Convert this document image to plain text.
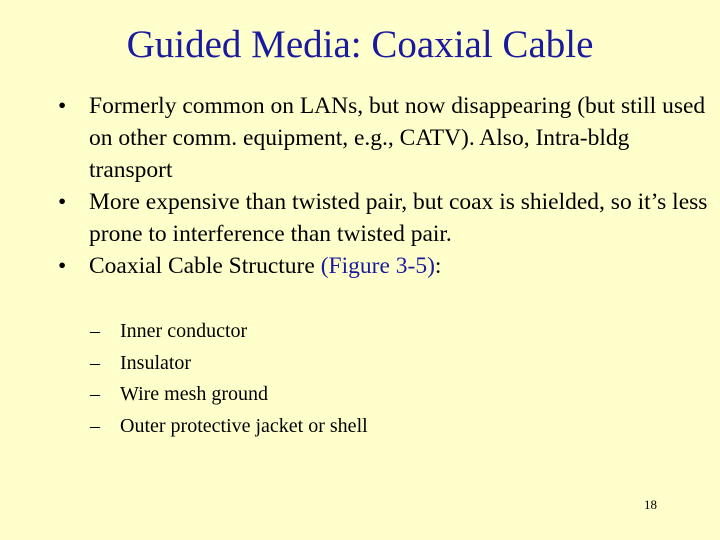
Guided Media: Coaxial Cable
• Formerly common on LANs, but now disappearing (but still used on other comm. equipment, e.g., CATV). Also, Intra-bldg transport
• More expensive than twisted pair, but coax is shielded, so it’s less prone to interference than twisted pair.
• Coaxial Cable Structure (Figure 3-5):
– Inner conductor
– Insulator
– Wire mesh ground
– Outer protective jacket or shell
18
